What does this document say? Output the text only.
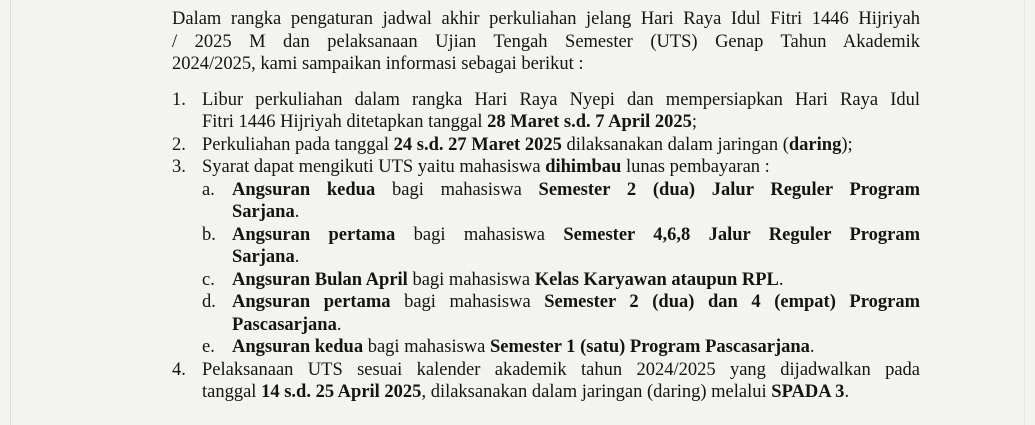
Dalam rangka pengaturan jadwal akhir perkuliahan jelang Hari Raya Idul Fitri 1446 Hijriyah
/ 2025 M dan pelaksanaan Ujian Tengah Semester (UTS) Genap Tahun Akademik
2024/2025, kami sampaikan informasi sebagai berikut :
1. Libur perkuliahan dalam rangka Hari Raya Nyepi dan mempersiapkan Hari Raya Idul
Fitri 1446 Hijriyah ditetapkan tanggal 28 Maret s.d. 7 April 2025;
2. Perkuliahan pada tanggal 24 s.d. 27 Maret 2025 dilaksanakan dalam jaringan (daring);
3. Syarat dapat mengikuti UTS yaitu mahasiswa dihimbau lunas pembayaran :
a. Angsuran kedua bagi mahasiswa Semester 2 (dua) Jalur Reguler Program
Sarjana.
b. Angsuran pertama bagi mahasiswa Semester 4,6,8 Jalur Reguler Program
Sarjana.
c. Angsuran Bulan April bagi mahasiswa Kelas Karyawan ataupun RPL.
d. Angsuran pertama bagi mahasiswa Semester 2 (dua) dan 4 (empat) Program
Pascasarjana.
e. Angsuran kedua bagi mahasiswa Semester 1 (satu) Program Pascasarjana.
4. Pelaksanaan UTS sesuai kalender akademik tahun 2024/2025 yang dijadwalkan pada
tanggal 14 s.d. 25 April 2025, dilaksanakan dalam jaringan (daring) melalui SPADA 3.
